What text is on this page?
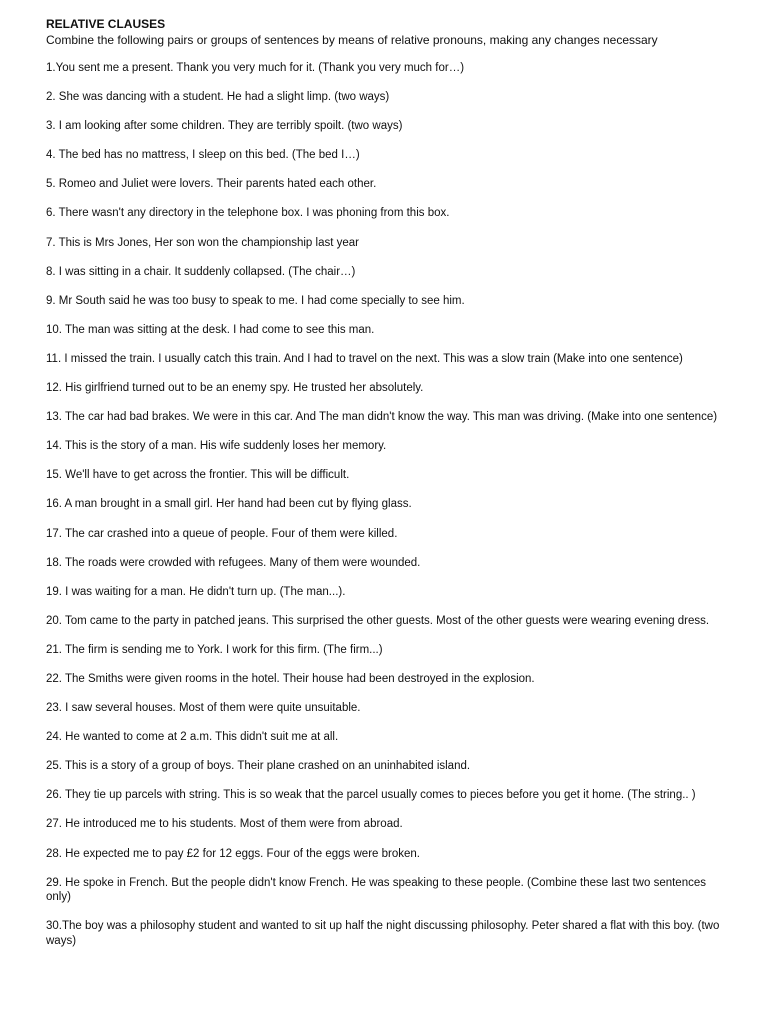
RELATIVE CLAUSES

Combine the following pairs or groups of sentences by means of relative pronouns, making any changes necessary

1.You sent me a present. Thank you very much for it. (Thank you very much for…)
2. She was dancing with a student. He had a slight limp. (two ways)
3. I am looking after some children. They are terribly spoilt. (two ways)
4. The bed has no mattress, I sleep on this bed. (The bed I…)
5. Romeo and Juliet were lovers. Their parents hated each other.
6. There wasn't any directory in the telephone box. I was phoning from this box.
7. This is Mrs Jones, Her son won the championship last year
8. I was sitting in a chair. It suddenly collapsed. (The chair…)
9. Mr South said he was too busy to speak to me. I had come specially to see him.
10. The man was sitting at the desk. I had come to see this man.
11. I missed the train. I usually catch this train. And I had to travel on the next. This was a slow train (Make into one sentence)
12. His girlfriend turned out to be an enemy spy. He trusted her absolutely.
13. The car had bad brakes. We were in this car. And The man didn't know the way. This man was driving. (Make into one sentence)
14. This is the story of a man. His wife suddenly loses her memory.
15. We'll have to get across the frontier. This will be difficult.
16. A man brought in a small girl. Her hand had been cut by flying glass.
17. The car crashed into a queue of people. Four of them were killed.
18. The roads were crowded with refugees. Many of them were wounded.
19. I was waiting for a man. He didn't turn up. (The man...).
20. Tom came to the party in patched jeans. This surprised the other guests. Most of the other guests were wearing evening dress.
21. The firm is sending me to York. I work for this firm. (The firm...)
22. The Smiths were given rooms in the hotel. Their house had been destroyed in the explosion.
23. I saw several houses. Most of them were quite unsuitable.
24. He wanted to come at 2 a.m. This didn't suit me at all.
25. This is a story of a group of boys. Their plane crashed on an uninhabited island.
26. They tie up parcels with string. This is so weak that the parcel usually comes to pieces before you get it home. (The string.. )
27. He introduced me to his students. Most of them were from abroad.
28. He expected me to pay £2 for 12 eggs. Four of the eggs were broken.
29. He spoke in French. But the people didn't know French. He was speaking to these people. (Combine these last two sentences only)
30.The boy was a philosophy student and wanted to sit up half the night discussing philosophy. Peter shared a flat with this boy. (two ways)
